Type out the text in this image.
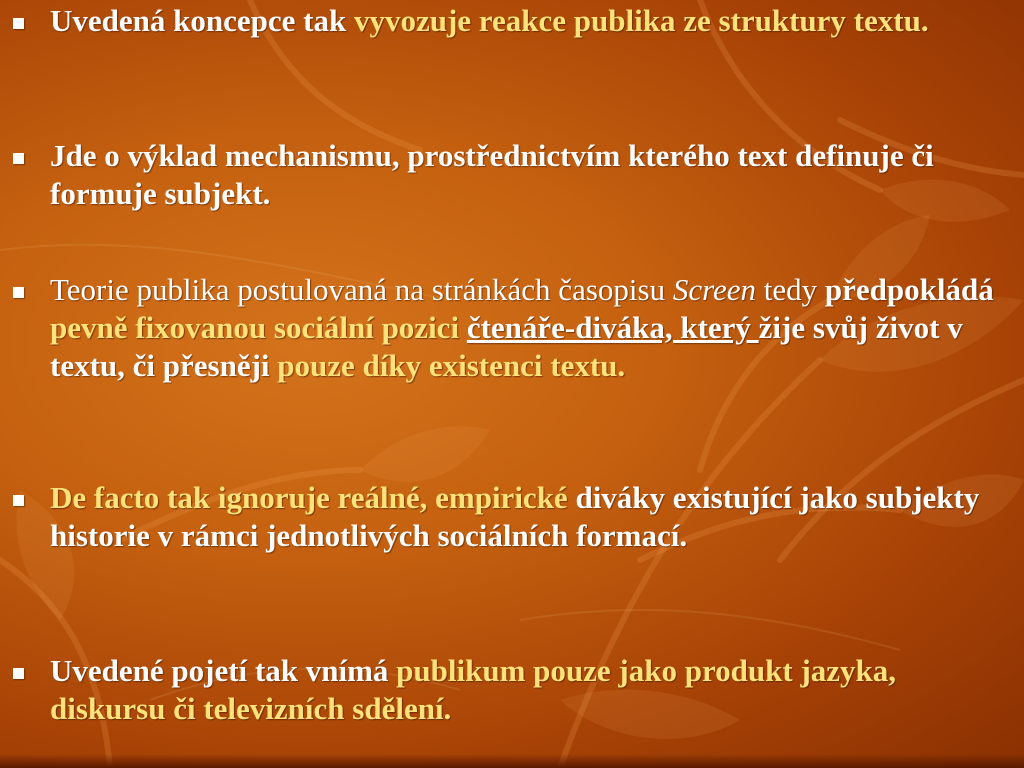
Uvedená koncepce tak vyvozuje reakce publika ze struktury textu.

Jde o výklad mechanismu, prostřednictvím kterého text definuje či formuje subjekt.

Teorie publika postulovaná na stránkách časopisu Screen tedy předpokládá pevně fixovanou sociální pozici čtenáře-diváka, který žije svůj život v textu, či přesněji pouze díky existenci textu.

De facto tak ignoruje reálné, empirické diváky existující jako subjekty historie v rámci jednotlivých sociálních formací.

Uvedené pojetí tak vnímá publikum pouze jako produkt jazyka, diskursu či televizních sdělení.
